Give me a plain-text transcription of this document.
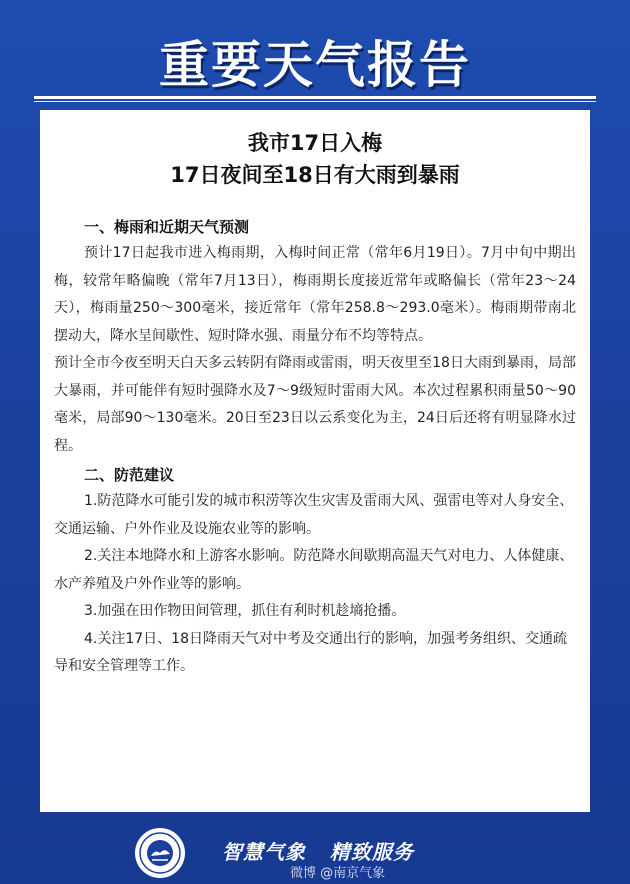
重要天气报告
我市17日入梅
17日夜间至18日有大雨到暴雨
一、梅雨和近期天气预测

预计17日起我市进入梅雨期，入梅时间正常（常年6月19日）。7月中旬中期出梅，较常年略偏晚（常年7月13日），梅雨期长度接近常年或略偏长（常年23～24天），梅雨量250～300毫米，接近常年（常年258.8～293.0毫米）。梅雨期带南北摆动大，降水呈间歇性、短时降水强、雨量分布不均等特点。

预计全市今夜至明天白天多云转阴有降雨或雷雨，明天夜里至18日大雨到暴雨，局部大暴雨，并可能伴有短时强降水及7～9级短时雷雨大风。本次过程累积雨量50～90毫米，局部90～130毫米。20日至23日以云系变化为主，24日后还将有明显降水过程。

二、防范建议

1.防范降水可能引发的城市积涝等次生灾害及雷雨大风、强雷电等对人身安全、交通运输、户外作业及设施农业等的影响。

2.关注本地降水和上游客水影响。防范降水间歇期高温天气对电力、人体健康、水产养殖及户外作业等的影响。

3.加强在田作物田间管理，抓住有利时机趁墒抢播。

4.关注17日、18日降雨天气对中考及交通出行的影响，加强考务组织、交通疏导和安全管理等工作。

智慧气象   精致服务
微博 @南京气象
